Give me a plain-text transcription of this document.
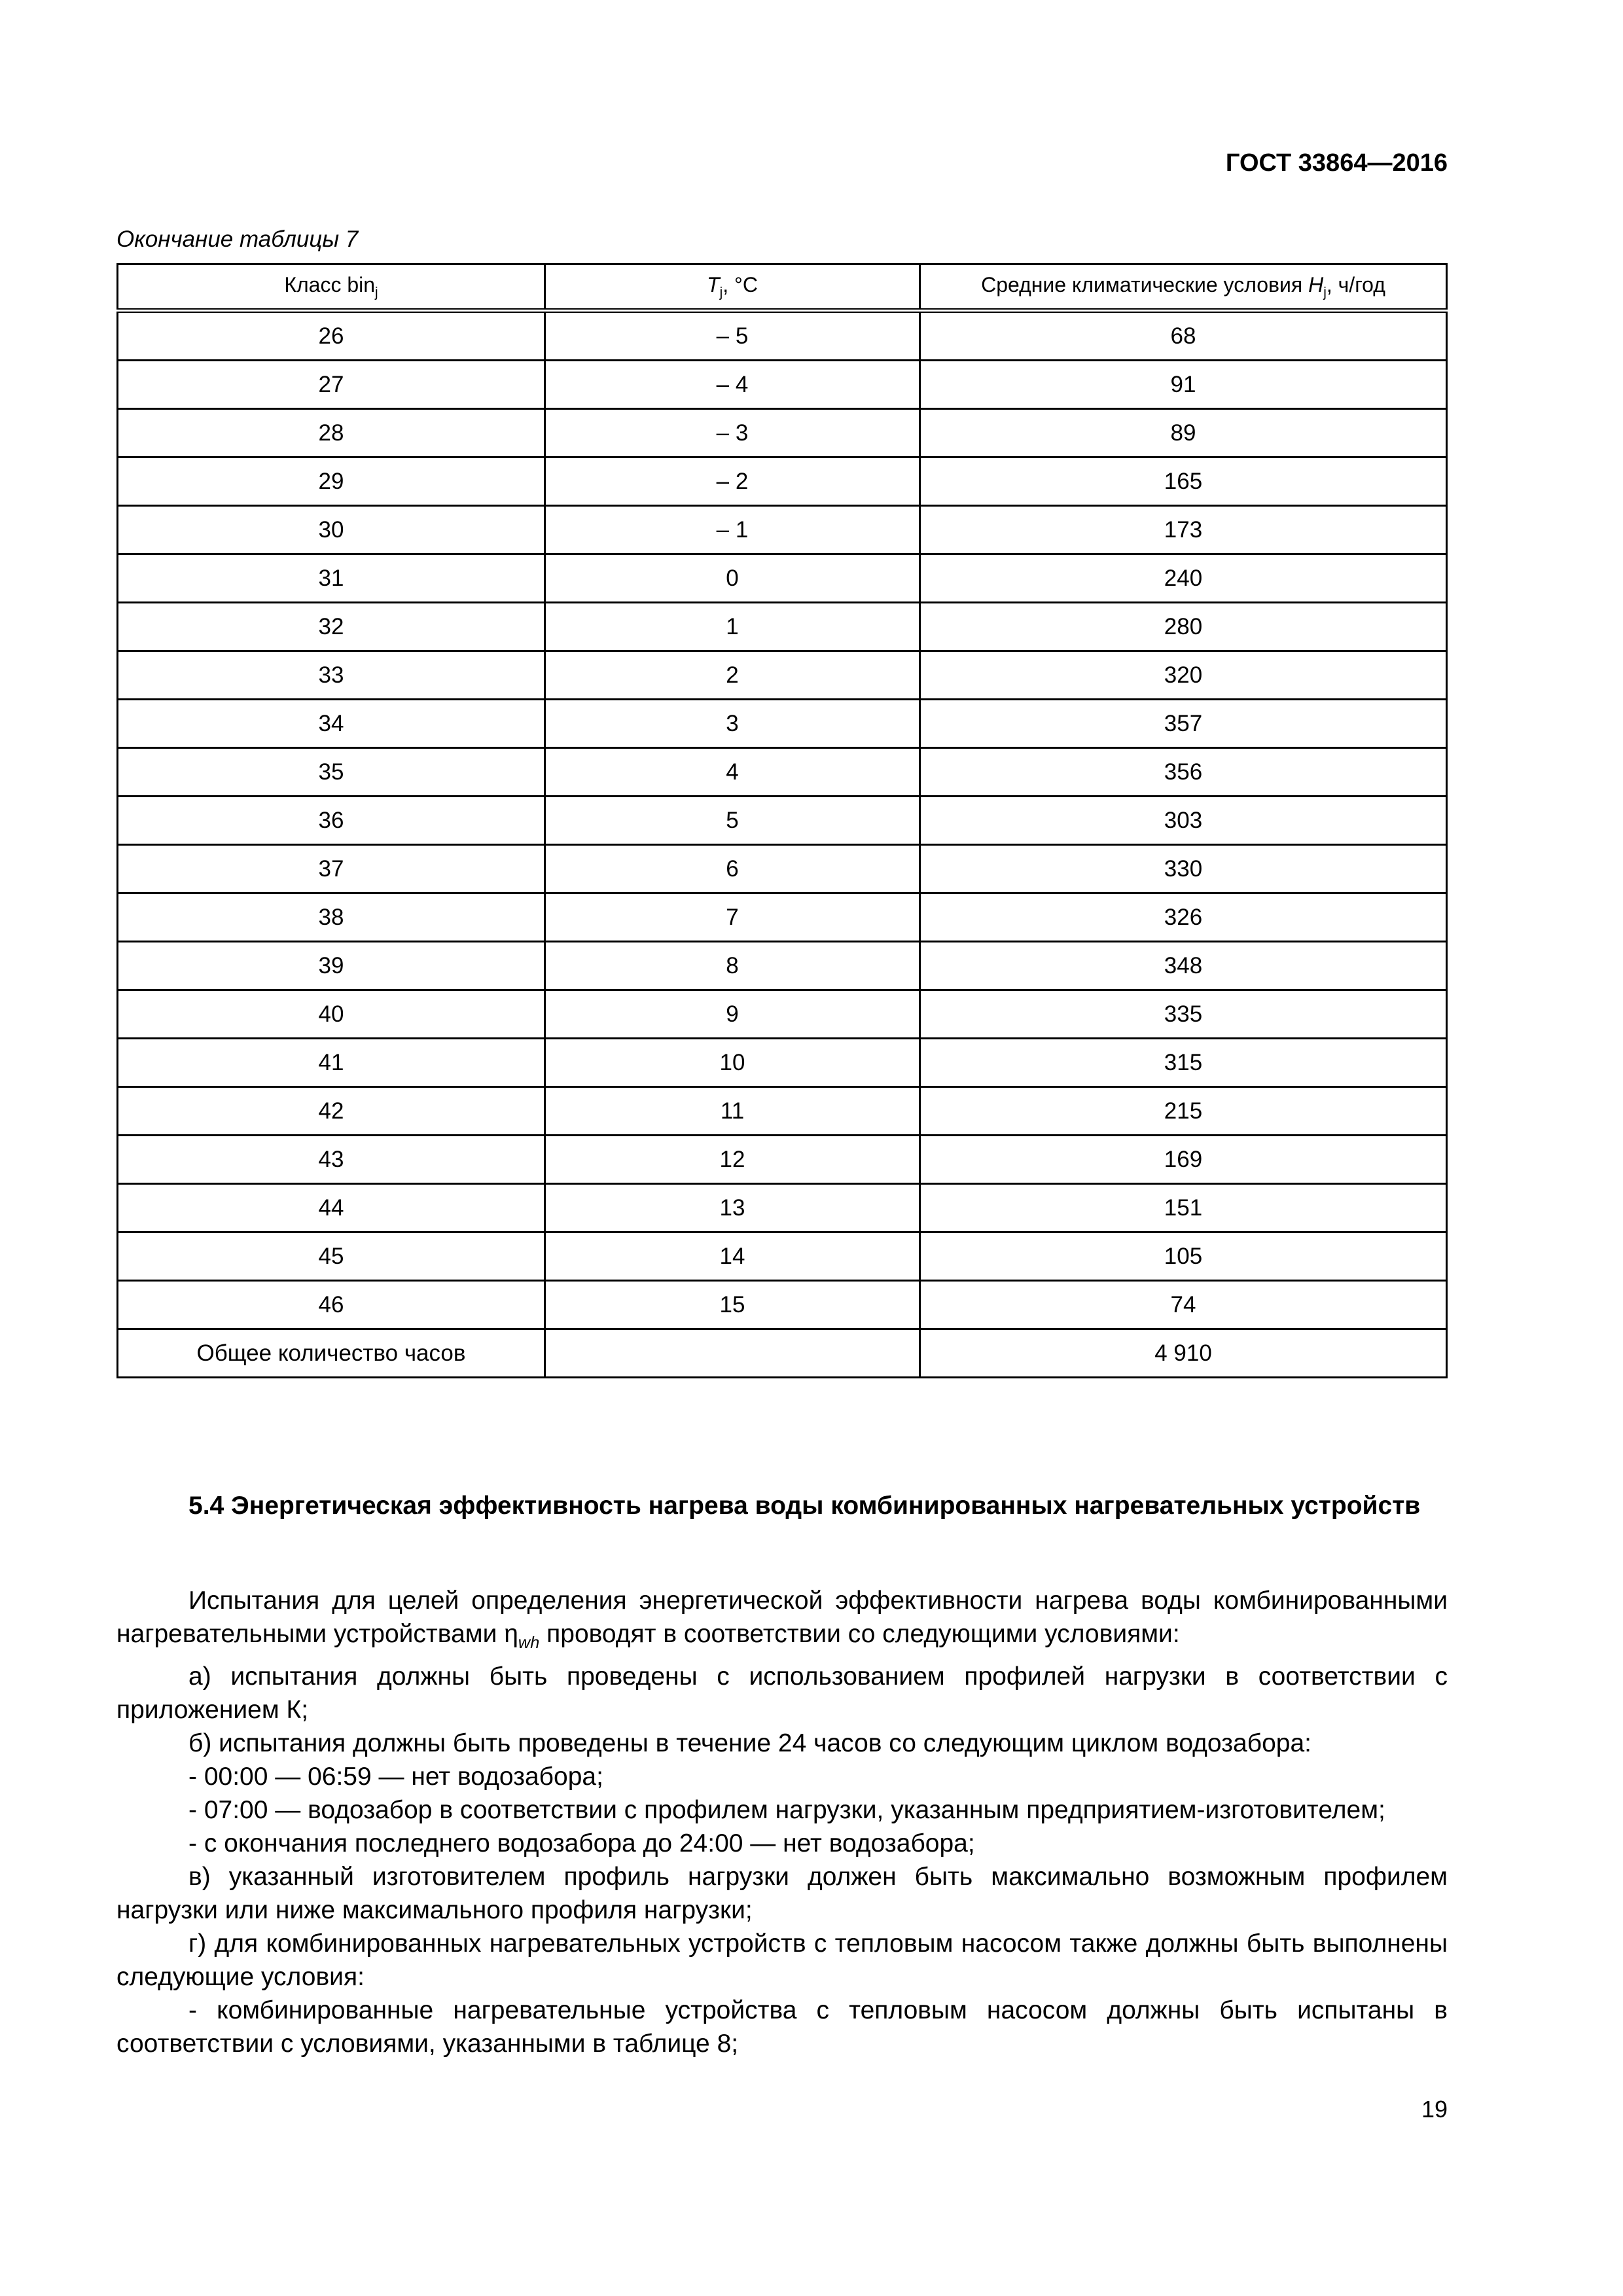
ГОСТ 33864—2016
Окончание таблицы 7
Класс bin$_j$	$T_j$, °С	Средние климатические условия $H_j$, ч/год
26	– 5	68
27	– 4	91
28	– 3	89
29	– 2	165
30	– 1	173
31	0	240
32	1	280
33	2	320
34	3	357
35	4	356
36	5	303
37	6	330
38	7	326
39	8	348
40	9	335
41	10	315
42	11	215
43	12	169
44	13	151
45	14	105
46	15	74
Общее количество часов		4 910
5.4 Энергетическая эффективность нагрева воды комбинированных нагревательных устройств

Испытания для целей определения энергетической эффективности нагрева воды комбинированными нагревательными устройствами $\eta_{wh}$ проводят в соответствии со следующими условиями:

а) испытания должны быть проведены с использованием профилей нагрузки в соответствии с приложением К;

б) испытания должны быть проведены в течение 24 часов со следующим циклом водозабора:

- 00:00 — 06:59 — нет водозабора;

- 07:00 — водозабор в соответствии с профилем нагрузки, указанным предприятием-изготовителем;

- с окончания последнего водозабора до 24:00 — нет водозабора;

в) указанный изготовителем профиль нагрузки должен быть максимально возможным профилем нагрузки или ниже максимального профиля нагрузки;

г) для комбинированных нагревательных устройств с тепловым насосом также должны быть выполнены следующие условия:

- комбинированные нагревательные устройства с тепловым насосом должны быть испытаны в соответствии с условиями, указанными в таблице 8;

19
